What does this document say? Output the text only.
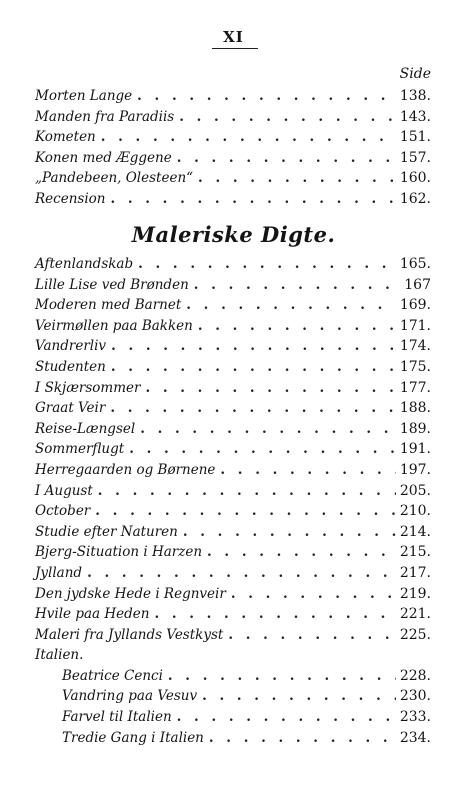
XI
Side
Morten Lange . . .	138.
Manden fra Paradiis . . .	143.
Kometen . . .	151.
Konen med Æggene . . .	157.
„Pandebeen, Olesteen“ . . .	160.
Recension . . .	162.
Maleriske Digte.
Aftenlandskab . . .	165.
Lille Lise ved Brønden . . .	167
Moderen med Barnet . . .	169.
Veirmøllen paa Bakken . . .	171.
Vandrerliv . . .	174.
Studenten . . .	175.
I Skjærsommer . . .	177.
Graat Veir . . .	188.
Reise-Længsel . . .	189.
Sommerflugt . . .	191.
Herregaarden og Børnene . . .	197.
I August . . .	205.
October . . .	210.
Studie efter Naturen . . .	214.
Bjerg-Situation i Harzen . . .	215.
Jylland . . .	217.
Den jydske Hede i Regnveir . . .	219.
Hvile paa Heden . . .	221.
Maleri fra Jyllands Vestkyst . . .	225.
Italien.
Beatrice Cenci . . .	228.
Vandring paa Vesuv . . .	230.
Farvel til Italien . . .	233.
Tredie Gang i Italien . . .	234.
